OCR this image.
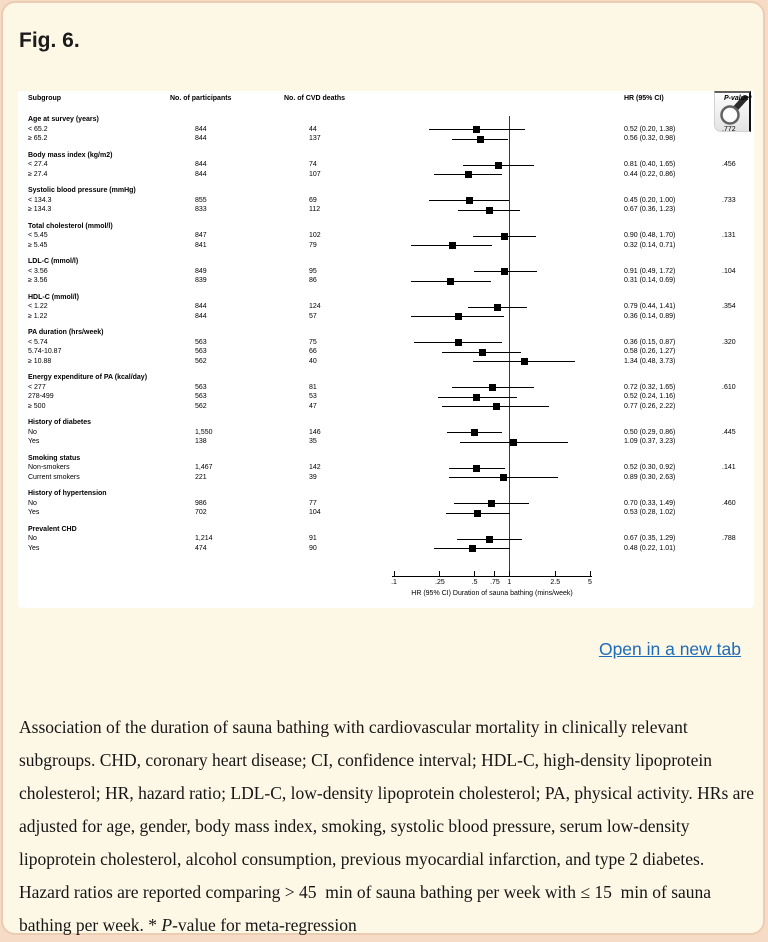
Fig. 6.
Subgroup	No. of participants	No. of CVD deaths	HR (95% CI)	P-value*
Age at survey (years)
< 65.2	844	44	0.52 (0.20, 1.38)	.772
≥ 65.2	844	137	0.56 (0.32, 0.98)
Body mass index (kg/m2)
< 27.4	844	74	0.81 (0.40, 1.65)	.456
≥ 27.4	844	107	0.44 (0.22, 0.86)
Systolic blood pressure (mmHg)
< 134.3	855	69	0.45 (0.20, 1.00)	.733
≥ 134.3	833	112	0.67 (0.36, 1.23)
Total cholesterol (mmol/l)
< 5.45	847	102	0.90 (0.48, 1.70)	.131
≥ 5.45	841	79	0.32 (0.14, 0.71)
LDL-C (mmol/l)
< 3.56	849	95	0.91 (0.49, 1.72)	.104
≥ 3.56	839	86	0.31 (0.14, 0.69)
HDL-C (mmol/l)
< 1.22	844	124	0.79 (0.44, 1.41)	.354
≥ 1.22	844	57	0.36 (0.14, 0.89)
PA duration (hrs/week)
< 5.74	563	75	0.36 (0.15, 0.87)	.320
5.74-10.87	563	66	0.58 (0.26, 1.27)
≥ 10.88	562	40	1.34 (0.48, 3.73)
Energy expenditure of PA (kcal/day)
< 277	563	81	0.72 (0.32, 1.65)	.610
278-499	563	53	0.52 (0.24, 1.16)
≥ 500	562	47	0.77 (0.26, 2.22)
History of diabetes
No	1,550	146	0.50 (0.29, 0.86)	.445
Yes	138	35	1.09 (0.37, 3.23)
Smoking status
Non-smokers	1,467	142	0.52 (0.30, 0.92)	.141
Current smokers	221	39	0.89 (0.30, 2.63)
History of hypertension
No	986	77	0.70 (0.33, 1.49)	.460
Yes	702	104	0.53 (0.28, 1.02)
Prevalent CHD
No	1,214	91	0.67 (0.35, 1.29)	.788
Yes	474	90	0.48 (0.22, 1.01)
.1	.25	.5 .75 1	2.5	5
HR (95% CI) Duration of sauna bathing (mins/week)
Open in a new tab

Association of the duration of sauna bathing with cardiovascular mortality in clinically relevant subgroups. CHD, coronary heart disease; CI, confidence interval; HDL-C, high-density lipoprotein cholesterol; HR, hazard ratio; LDL-C, low-density lipoprotein cholesterol; PA, physical activity. HRs are adjusted for age, gender, body mass index, smoking, systolic blood pressure, serum low-density lipoprotein cholesterol, alcohol consumption, previous myocardial infarction, and type 2 diabetes. Hazard ratios are reported comparing > 45 min of sauna bathing per week with ≤ 15 min of sauna bathing per week. * P-value for meta-regression
